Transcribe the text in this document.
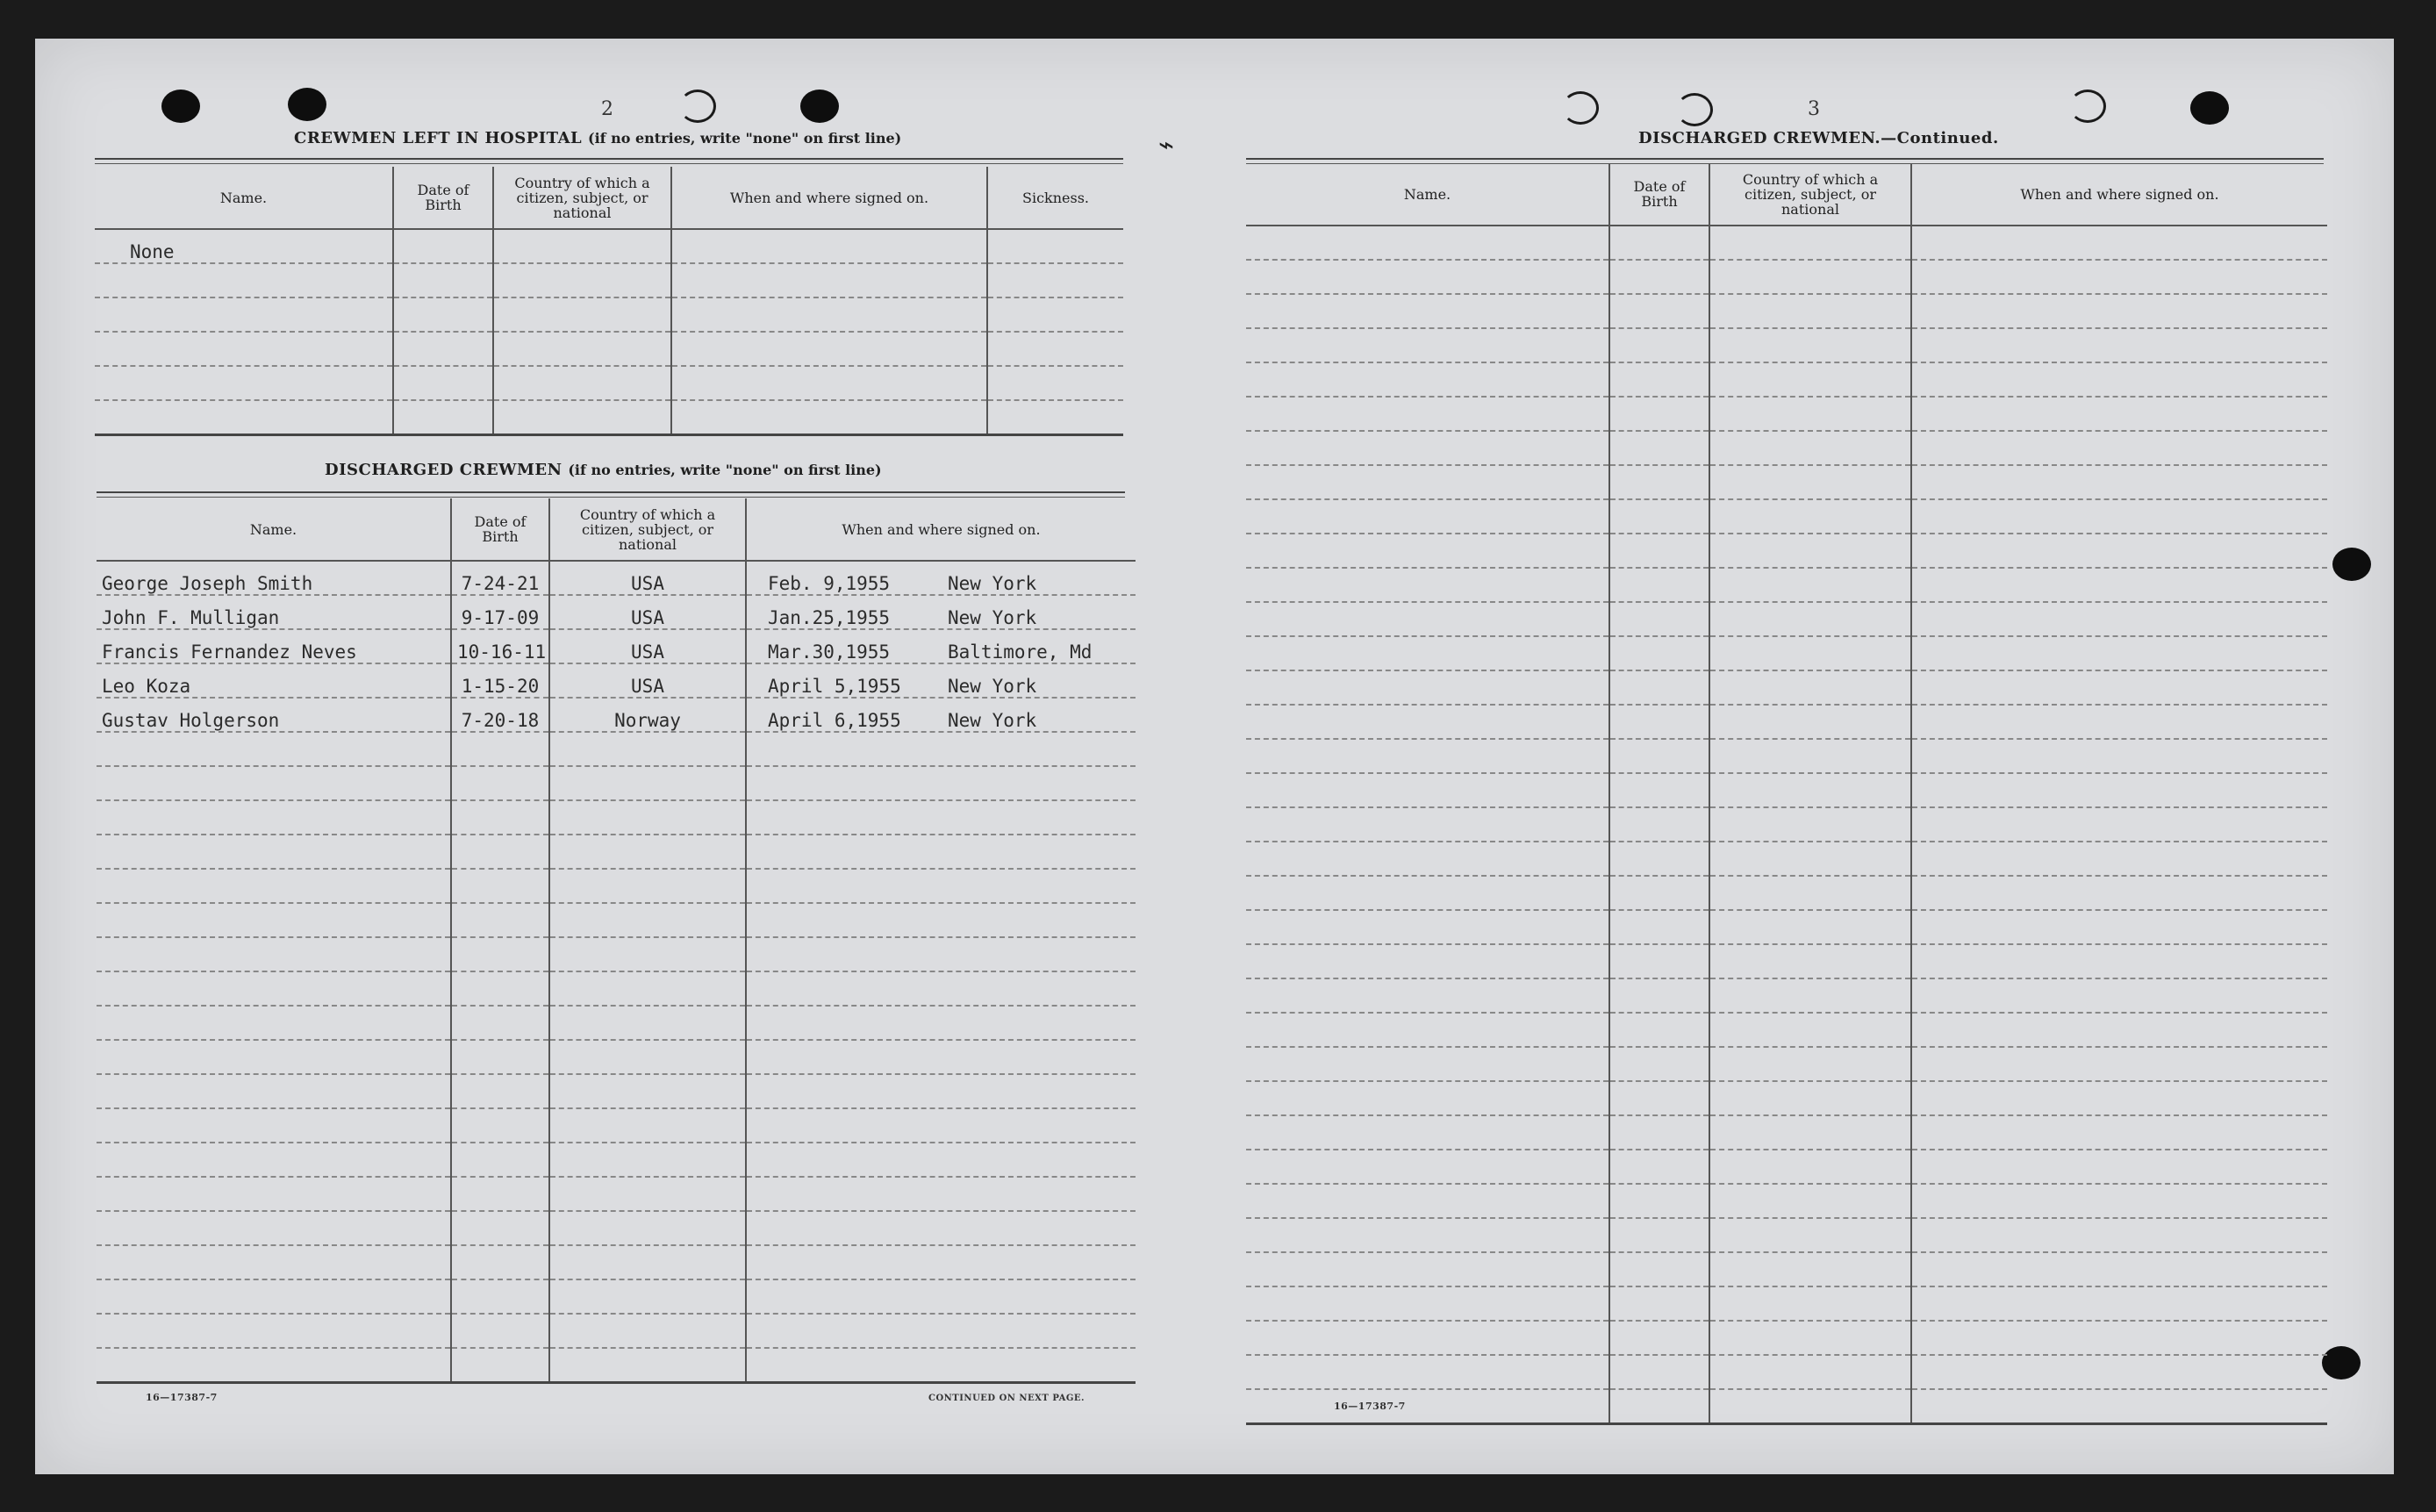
2
CREWMEN LEFT IN HOSPITAL (if no entries, write "none" on first line)
Name.	Date of Birth	Country of which a citizen, subject, or national	When and where signed on.	Sickness.
None				

DISCHARGED CREWMEN (if no entries, write "none" on first line)
Name.	Date of Birth	Country of which a citizen, subject, or national	When and where signed on.
George Joseph Smith	7-24-21	USA	Feb. 9,1955 New York
John F. Mulligan	9-17-09	USA	Jan.25,1955 New York
Francis Fernandez Neves	10-16-11	USA	Mar.30,1955 Baltimore, Md
Leo Koza	1-15-20	USA	April 5,1955 New York
Gustav Holgerson	7-20-18	Norway	April 6,1955 New York

16—17387-7	CONTINUED ON NEXT PAGE.
⌁
3
DISCHARGED CREWMEN.—Continued.
Name.	Date of Birth	Country of which a citizen, subject, or national	When and where signed on.

16—17387-7
